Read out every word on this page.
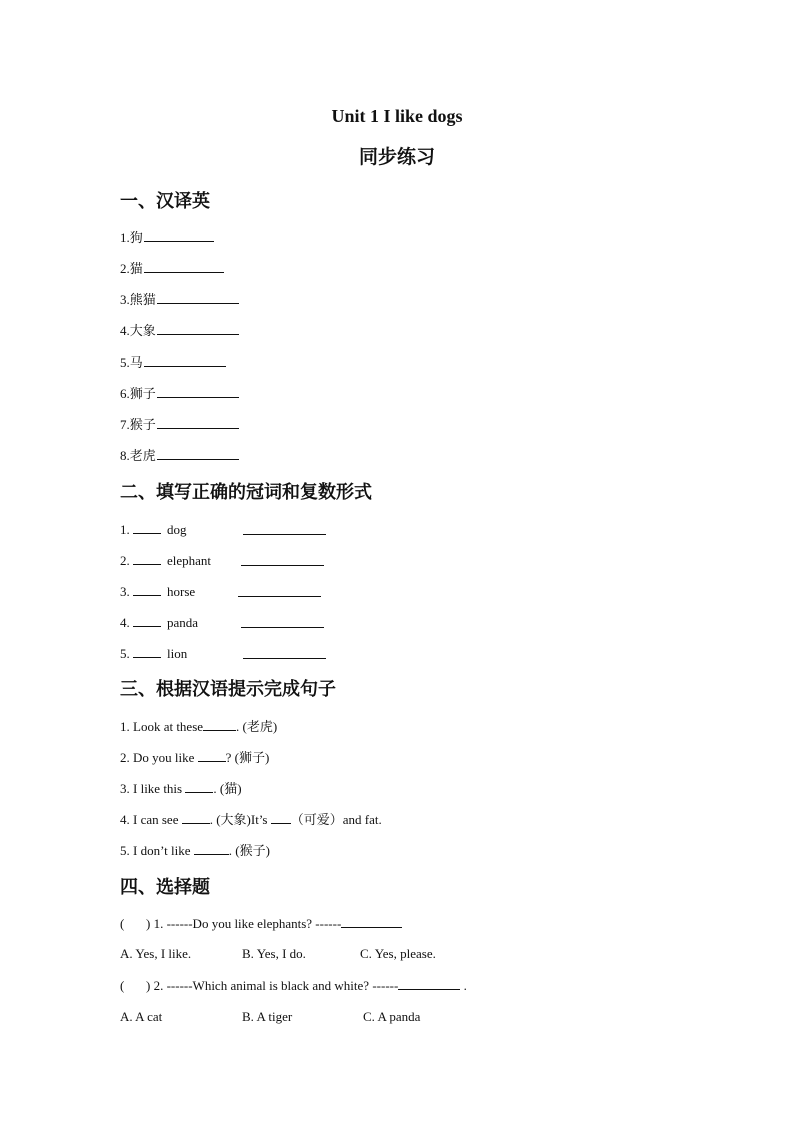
Unit 1 I like dogs
同步练习
一、汉译英
1.狗
2.猫
3.熊猫
4.大象
5.马
6.狮子
7.猴子
8.老虎
二、填写正确的冠词和复数形式
1.	dog
2.	elephant
3.	horse
4.	panda
5.	lion
三、根据汉语提示完成句子
1. Look at these	. (老虎)
2. Do you like ? (狮子)
3. I like this . (猫)
4. I can see . (大象)It’s （可爱）and fat.
5. I don’t like	. (猴子)
四、选择题
( ) 1. ------Do you like elephants? ------
A. Yes, I like.	B. Yes, I do.	C. Yes, please.
( ) 2. ------Which animal is black and white? ------	.
A. A cat	B. A tiger	C. A panda
